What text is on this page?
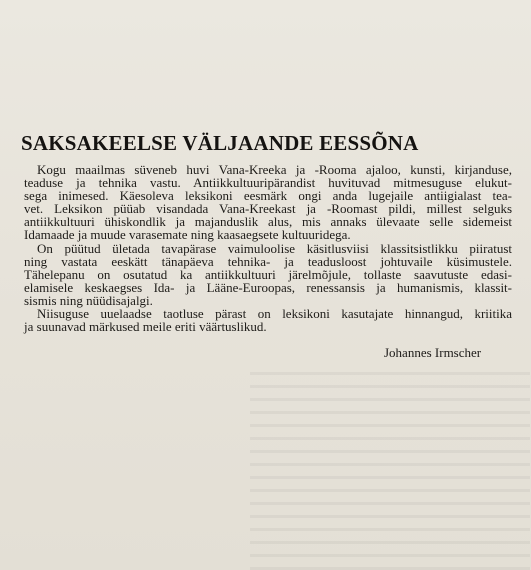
SAKSAKEELSE VÄLJAANDE EESSÕNA

Kogu maailmas süveneb huvi Vana-Kreeka ja -Rooma ajaloo, kunsti, kirjanduse,
teaduse ja tehnika vastu. Antiikkultuuripärandist huvituvad mitmesuguse elukut-
sega inimesed. Käesoleva leksikoni eesmärk ongi anda lugejaile antiigialast tea-
vet. Leksikon püüab visandada Vana-Kreekast ja -Roomast pildi, millest selguks
antiikkultuuri ühiskondlik ja majanduslik alus, mis annaks ülevaate selle sidemeist
Idamaade ja muude varasemate ning kaasaegsete kultuuridega.

On püütud ületada tavapärase vaimuloolise käsitlusviisi klassitsistlikku piiratust
ning vastata eeskätt tänapäeva tehnika- ja teadusloost johtuvaile küsimustele.
Tähelepanu on osutatud ka antiikkultuuri järelmõjule, tollaste saavutuste edasi-
elamisele keskaegses Ida- ja Lääne-Euroopas, renessansis ja humanismis, klassit-
sismis ning nüüdisajalgi.

Niisuguse uuelaadse taotluse pärast on leksikoni kasutajate hinnangud, kriitika
ja suunavad märkused meile eriti väärtuslikud.

Johannes Irmscher
